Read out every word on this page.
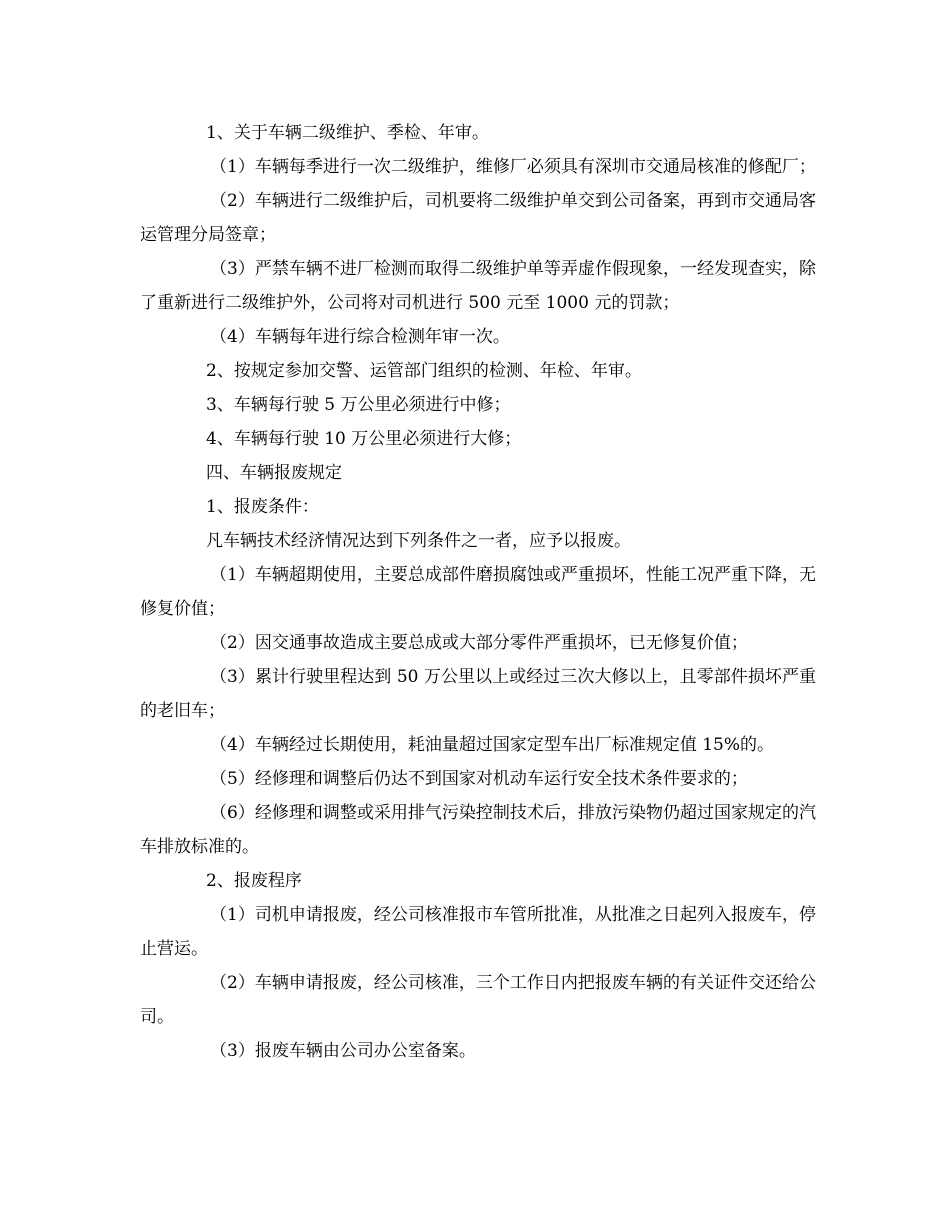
1、关于车辆二级维护、季检、年审。

（1）车辆每季进行一次二级维护，维修厂必须具有深圳市交通局核准的修配厂；

（2）车辆进行二级维护后，司机要将二级维护单交到公司备案，再到市交通局客运管理分局签章；

（3）严禁车辆不进厂检测而取得二级维护单等弄虚作假现象，一经发现查实，除了重新进行二级维护外，公司将对司机进行 500 元至 1000 元的罚款；

（4）车辆每年进行综合检测年审一次。

2、按规定参加交警、运管部门组织的检测、年检、年审。

3、车辆每行驶 5 万公里必须进行中修；

4、车辆每行驶 10 万公里必须进行大修；

四、车辆报废规定

1、报废条件：

凡车辆技术经济情况达到下列条件之一者，应予以报废。

（1）车辆超期使用，主要总成部件磨损腐蚀或严重损坏，性能工况严重下降，无修复价值；

（2）因交通事故造成主要总成或大部分零件严重损坏，已无修复价值；

（3）累计行驶里程达到 50 万公里以上或经过三次大修以上，且零部件损坏严重的老旧车；

（4）车辆经过长期使用，耗油量超过国家定型车出厂标准规定值 15%的。

（5）经修理和调整后仍达不到国家对机动车运行安全技术条件要求的；

（6）经修理和调整或采用排气污染控制技术后，排放污染物仍超过国家规定的汽车排放标准的。

2、报废程序

（1）司机申请报废，经公司核准报市车管所批准，从批准之日起列入报废车，停止营运。

（2）车辆申请报废，经公司核准，三个工作日内把报废车辆的有关证件交还给公司。

（3）报废车辆由公司办公室备案。
